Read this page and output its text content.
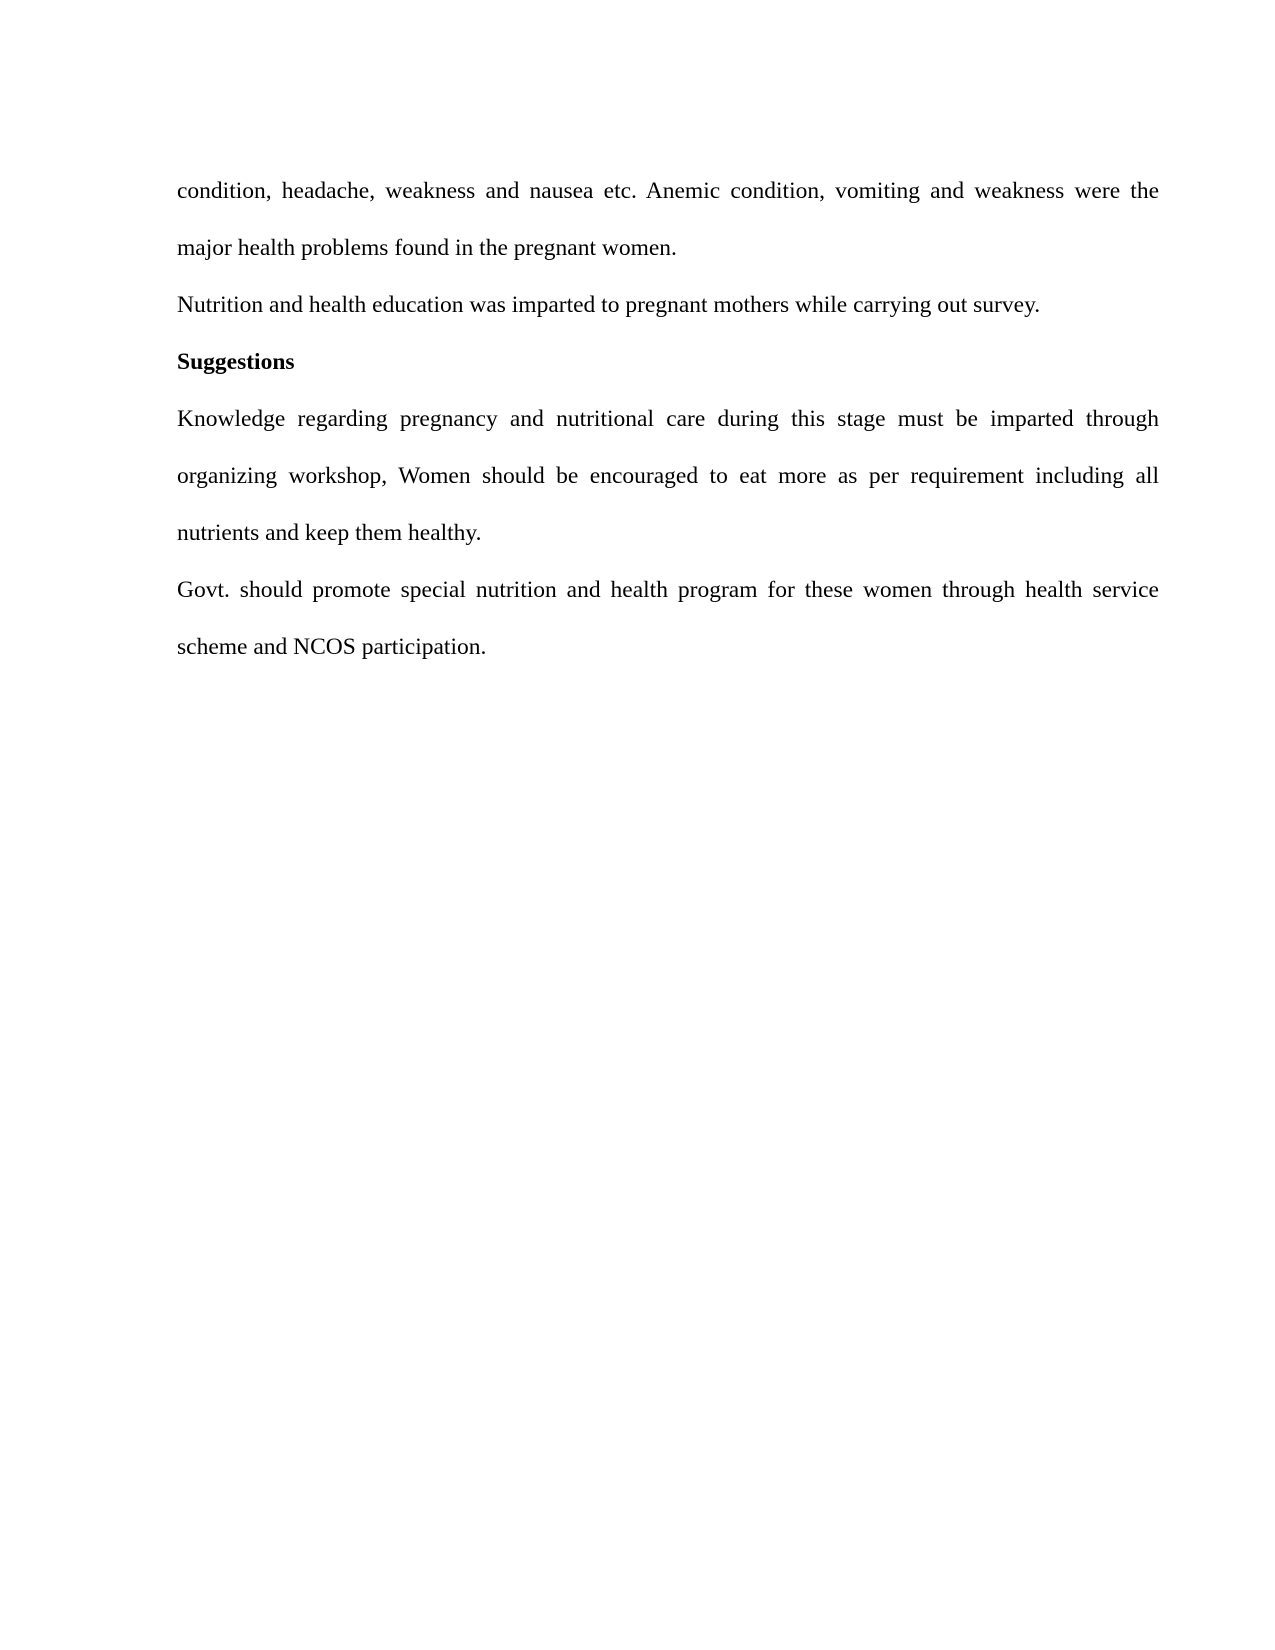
condition, headache, weakness and nausea etc. Anemic condition, vomiting and weakness were the major health problems found in the pregnant women.

Nutrition and health education was imparted to pregnant mothers while carrying out survey.

Suggestions

Knowledge regarding pregnancy and nutritional care during this stage must be imparted through organizing workshop, Women should be encouraged to eat more as per requirement including all nutrients and keep them healthy.

Govt. should promote special nutrition and health program for these women through health service scheme and NCOS participation.
